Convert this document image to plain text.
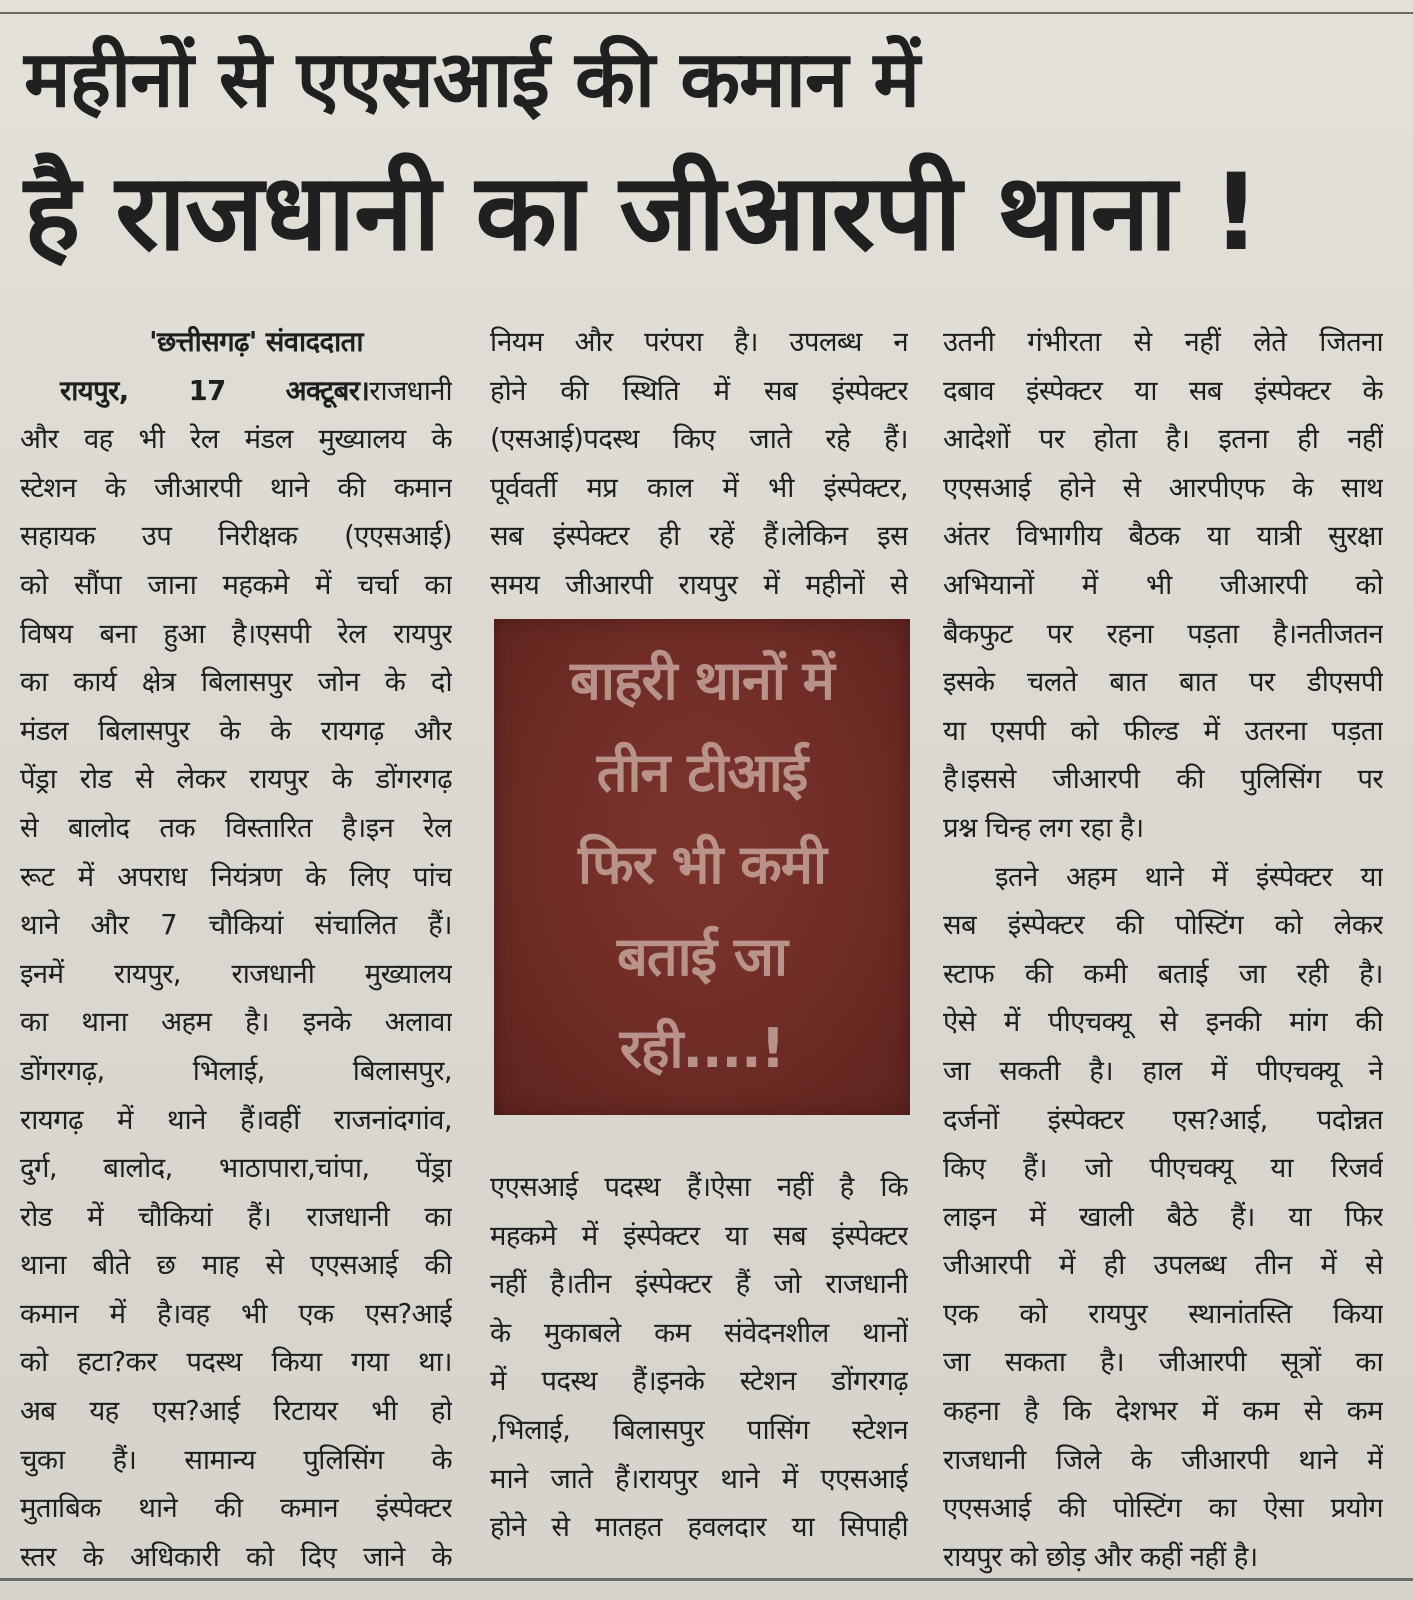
महीनों से एएसआई की कमान में
है राजधानी का जीआरपी थाना !
'छत्तीसगढ़' संवाददाता
रायपुर, 17 अक्टूबर।राजधानी
और वह भी रेल मंडल मुख्यालय के
स्टेशन के जीआरपी थाने की कमान
सहायक उप निरीक्षक (एएसआई)
को सौंपा जाना महकमे में चर्चा का
विषय बना हुआ है।एसपी रेल रायपुर
का कार्य क्षेत्र बिलासपुर जोन के दो
मंडल बिलासपुर के के रायगढ़ और
पेंड्रा रोड से लेकर रायपुर के डोंगरगढ़
से बालोद तक विस्तारित है।इन रेल
रूट में अपराध नियंत्रण के लिए पांच
थाने और 7 चौकियां संचालित हैं।
इनमें रायपुर, राजधानी मुख्यालय
का थाना अहम है। इनके अलावा
डोंगरगढ़, भिलाई, बिलासपुर,
रायगढ़ में थाने हैं।वहीं राजनांदगांव,
दुर्ग, बालोद, भाठापारा,चांपा, पेंड्रा
रोड में चौकियां हैं। राजधानी का
थाना बीते छ माह से एएसआई की
कमान में है।वह भी एक एस?आई
को हटा?कर पदस्थ किया गया था।
अब यह एस?आई रिटायर भी हो
चुका हैं। सामान्य पुलिसिंग के
मुताबिक थाने की कमान इंस्पेक्टर
स्तर के अधिकारी को दिए जाने के
नियम और परंपरा है। उपलब्ध न
होने की स्थिति में सब इंस्पेक्टर
(एसआई)पदस्थ किए जाते रहे हैं।
पूर्ववर्ती मप्र काल में भी इंस्पेक्टर,
सब इंस्पेक्टर ही रहें हैं।लेकिन इस
समय जीआरपी रायपुर में महीनों से
बाहरी थानों में
तीन टीआई
फिर भी कमी
बताई जा
रही....!
एएसआई पदस्थ हैं।ऐसा नहीं है कि
महकमे में इंस्पेक्टर या सब इंस्पेक्टर
नहीं है।तीन इंस्पेक्टर हैं जो राजधानी
के मुकाबले कम संवेदनशील थानों
में पदस्थ हैं।इनके स्टेशन डोंगरगढ़
,भिलाई, बिलासपुर पासिंग स्टेशन
माने जाते हैं।रायपुर थाने में एएसआई
होने से मातहत हवलदार या सिपाही
उतनी गंभीरता से नहीं लेते जितना
दबाव इंस्पेक्टर या सब इंस्पेक्टर के
आदेशों पर होता है। इतना ही नहीं
एएसआई होने से आरपीएफ के साथ
अंतर विभागीय बैठक या यात्री सुरक्षा
अभियानों में भी जीआरपी को
बैकफुट पर रहना पड़ता है।नतीजतन
इसके चलते बात बात पर डीएसपी
या एसपी को फील्ड में उतरना पड़ता
है।इससे जीआरपी की पुलिसिंग पर
प्रश्न चिन्ह लग रहा है।
इतने अहम थाने में इंस्पेक्टर या
सब इंस्पेक्टर की पोस्टिंग को लेकर
स्टाफ की कमी बताई जा रही है।
ऐसे में पीएचक्यू से इनकी मांग की
जा सकती है। हाल में पीएचक्यू ने
दर्जनों इंस्पेक्टर एस?आई, पदोन्नत
किए हैं। जो पीएचक्यू या रिजर्व
लाइन में खाली बैठे हैं। या फिर
जीआरपी में ही उपलब्ध तीन में से
एक को रायपुर स्थानांतस्ति किया
जा सकता है। जीआरपी सूत्रों का
कहना है कि देशभर में कम से कम
राजधानी जिले के जीआरपी थाने में
एएसआई की पोस्टिंग का ऐसा प्रयोग
रायपुर को छोड़ और कहीं नहीं है।
